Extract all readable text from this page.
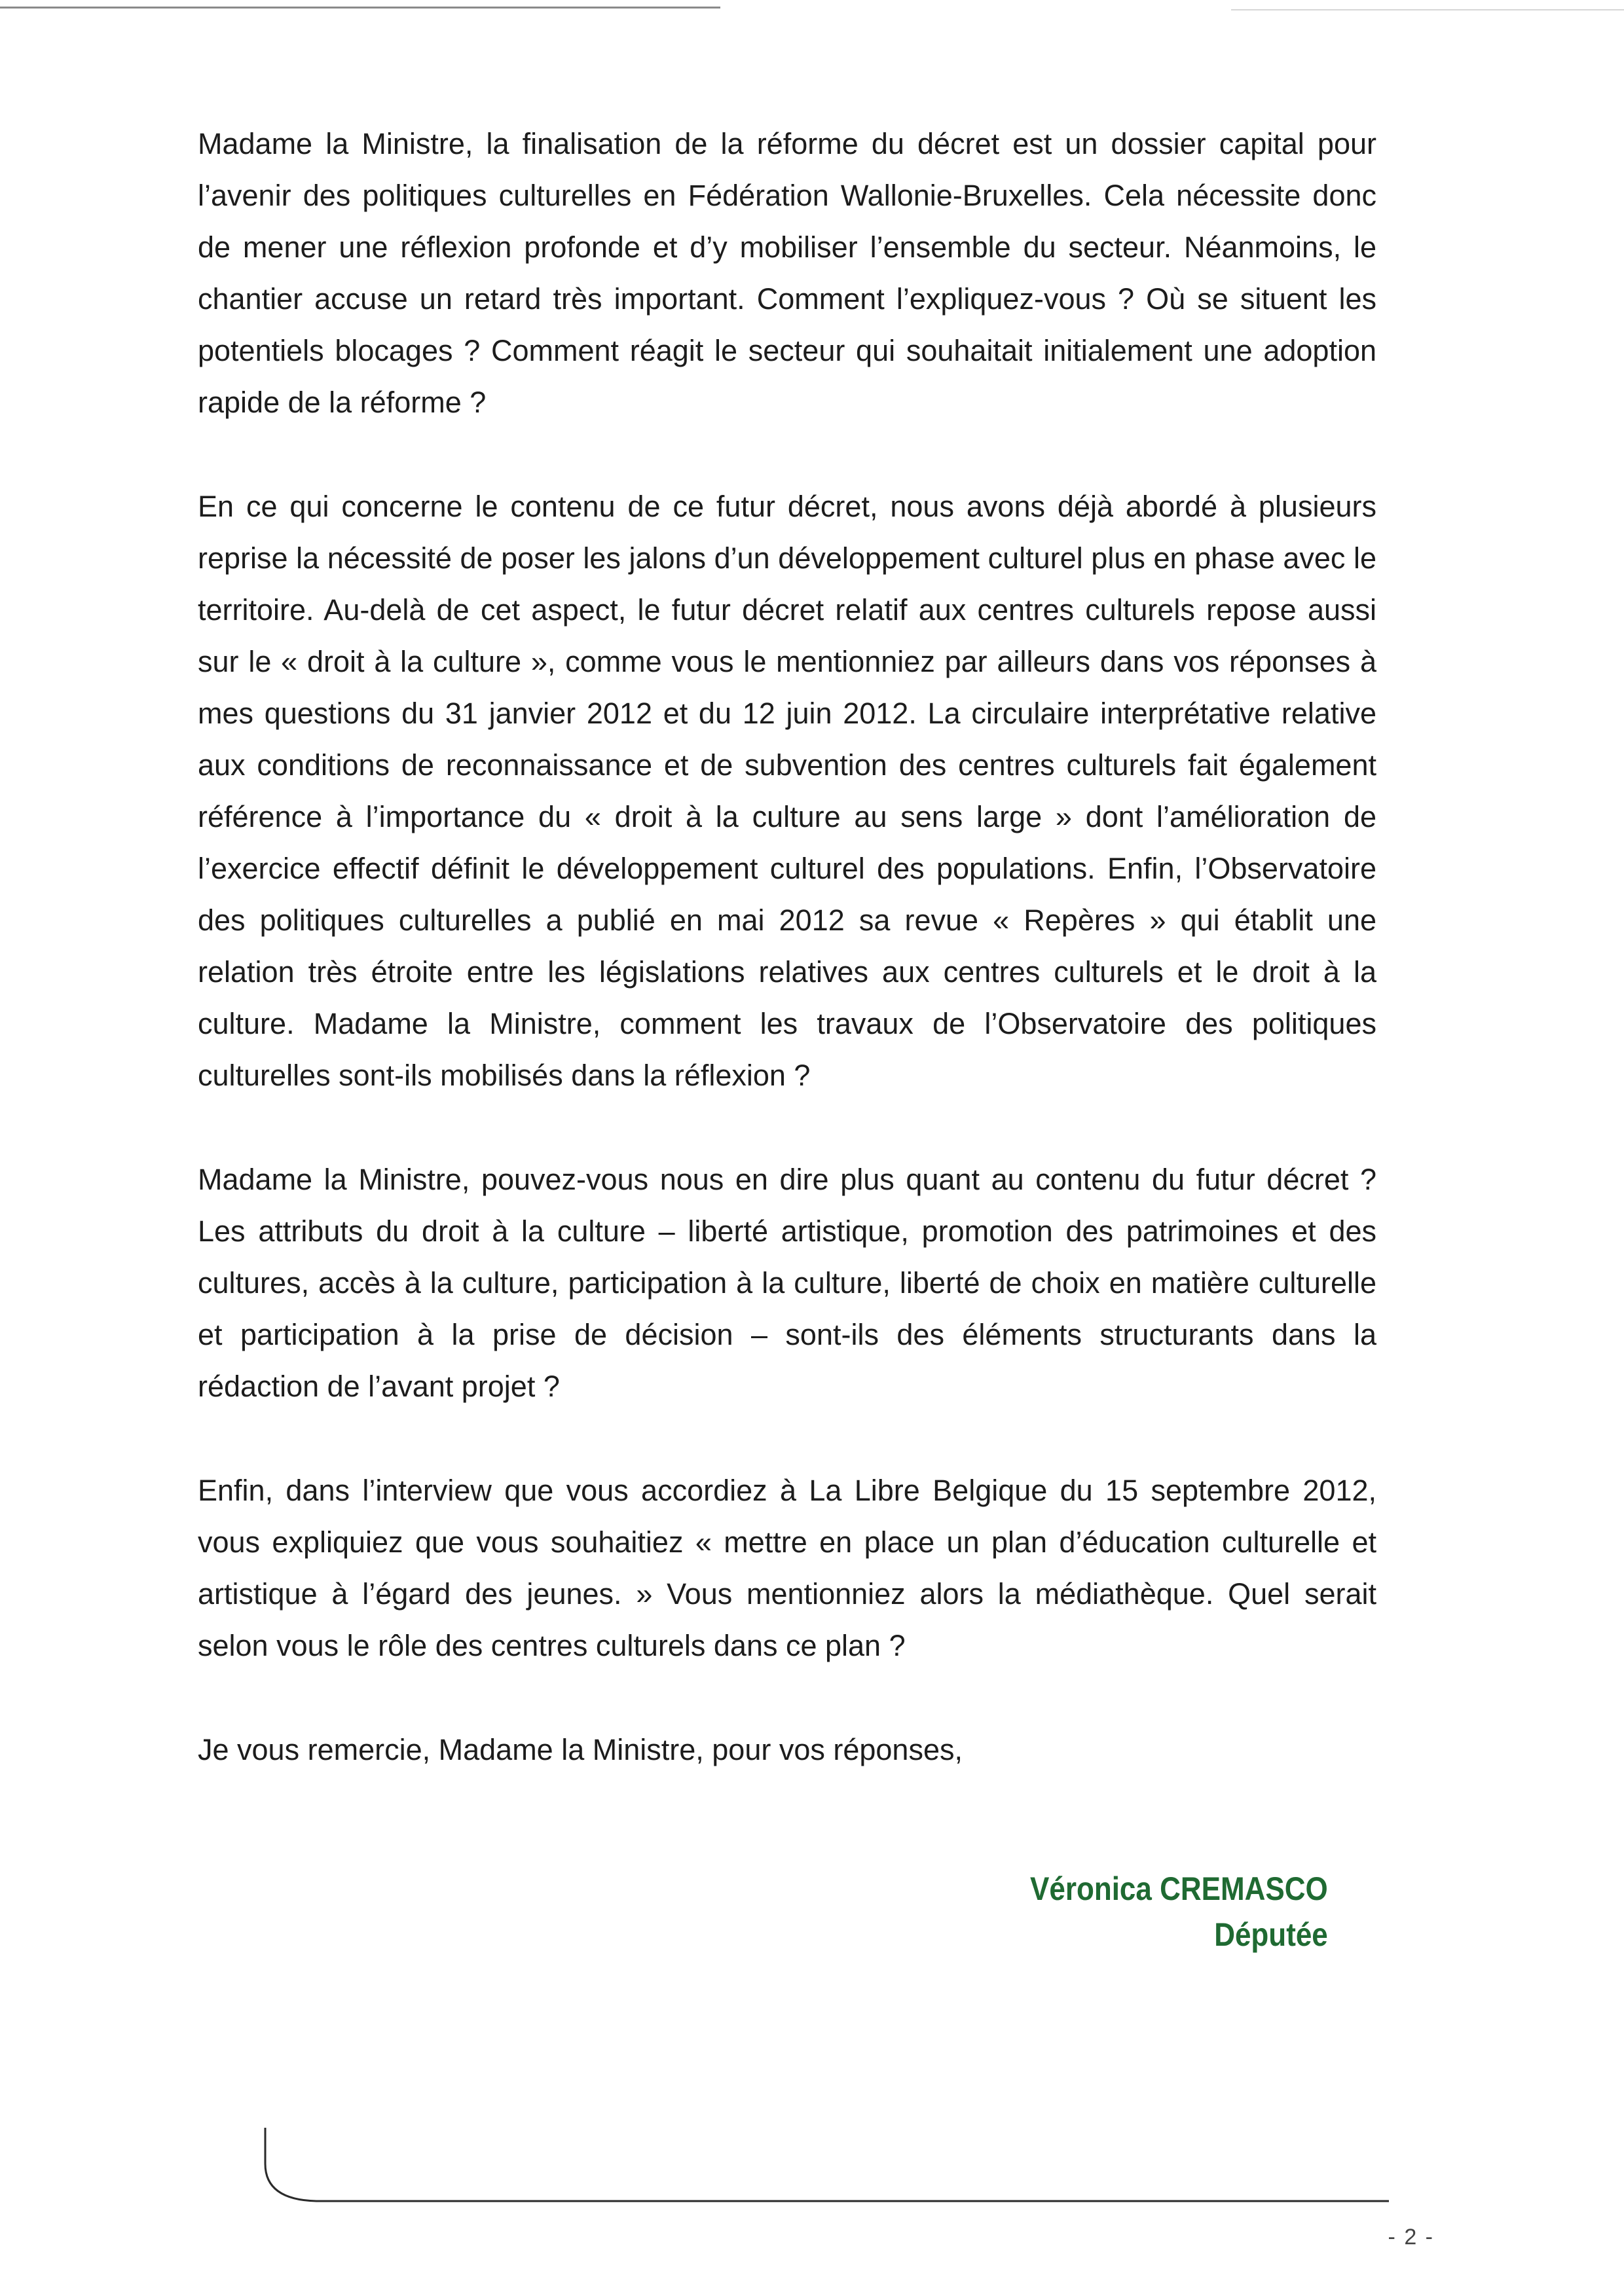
Madame la Ministre, la finalisation de la réforme du décret est un dossier capital pour l’avenir des politiques culturelles en Fédération Wallonie-Bruxelles. Cela nécessite donc de mener une réflexion profonde et d’y mobiliser l’ensemble du secteur. Néanmoins, le chantier accuse un retard très important. Comment l’expliquez-vous ? Où se situent les potentiels blocages ? Comment réagit le secteur qui souhaitait initialement une adoption rapide de la réforme ?

En ce qui concerne le contenu de ce futur décret, nous avons déjà abordé à plusieurs reprise la nécessité de poser les jalons d’un développement culturel plus en phase avec le territoire. Au-delà de cet aspect, le futur décret relatif aux centres culturels repose aussi sur le « droit à la culture », comme vous le mentionniez par ailleurs dans vos réponses à mes questions du 31 janvier 2012 et du 12 juin 2012. La circulaire interprétative relative aux conditions de reconnaissance et de subvention des centres culturels fait également référence à l’importance du « droit à la culture au sens large » dont l’amélioration de l’exercice effectif définit le développement culturel des populations. Enfin, l’Observatoire des politiques culturelles a publié en mai 2012 sa revue « Repères » qui établit une relation très étroite entre les législations relatives aux centres culturels et le droit à la culture. Madame la Ministre, comment les travaux de l’Observatoire des politiques culturelles sont-ils mobilisés dans la réflexion ?

Madame la Ministre, pouvez-vous nous en dire plus quant au contenu du futur décret ? Les attributs du droit à la culture – liberté artistique, promotion des patrimoines et des cultures, accès à la culture, participation à la culture, liberté de choix en matière culturelle et participation à la prise de décision – sont-ils des éléments structurants dans la rédaction de l’avant projet ?

Enfin, dans l’interview que vous accordiez à La Libre Belgique du 15 septembre 2012, vous expliquiez que vous souhaitiez « mettre en place un plan d’éducation culturelle et artistique à l’égard des jeunes. » Vous mentionniez alors la médiathèque. Quel serait selon vous le rôle des centres culturels dans ce plan ?

Je vous remercie, Madame la Ministre, pour vos réponses,

Véronica CREMASCO
Députée
- 2 -
